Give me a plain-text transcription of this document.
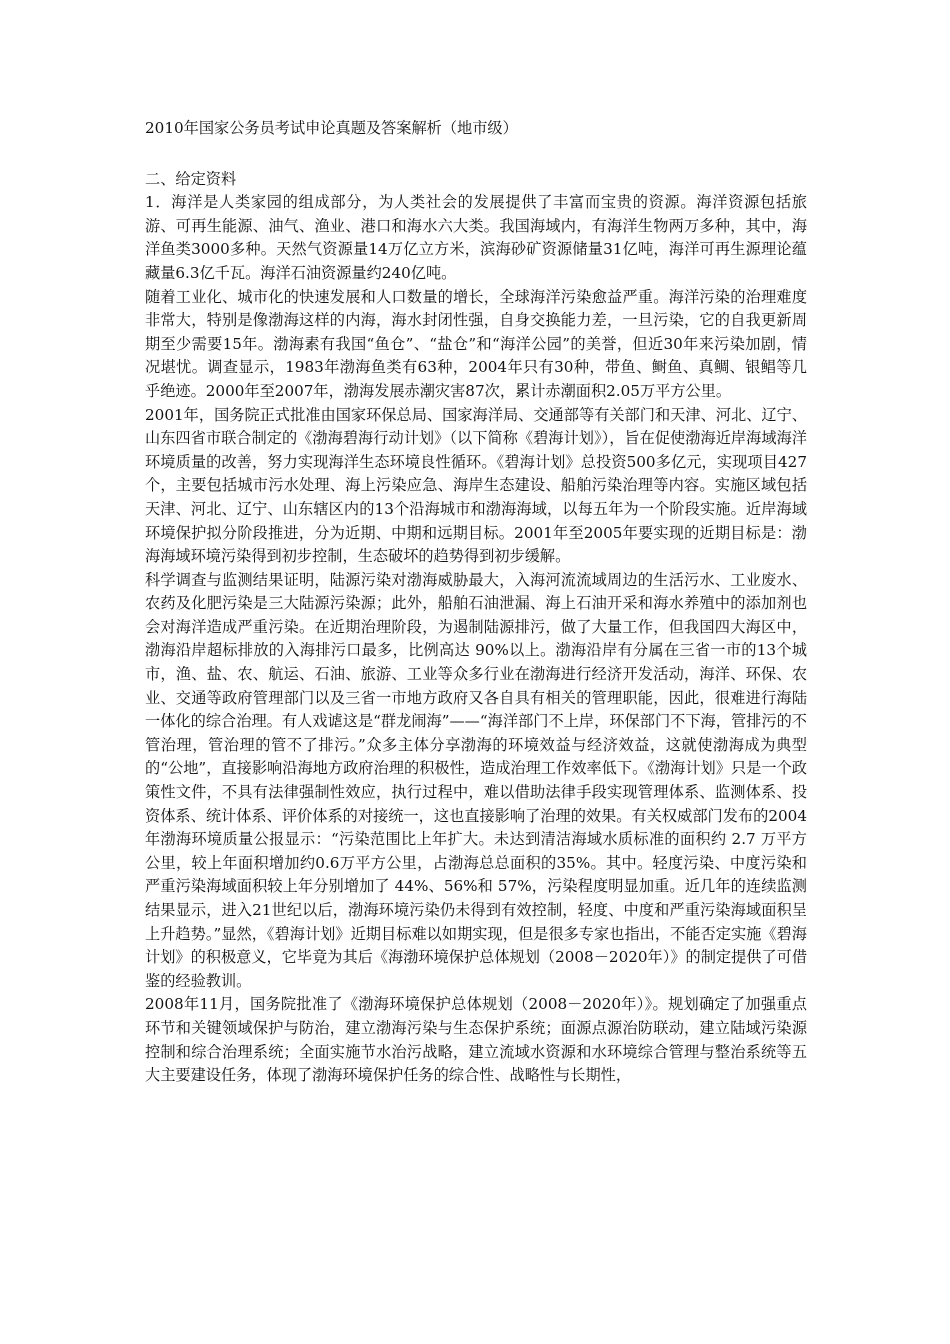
2010年国家公务员考试申论真题及答案解析（地市级）
二、给定资料

1．海洋是人类家园的组成部分，为人类社会的发展提供了丰富而宝贵的资源。海洋资源包括旅游、可再生能源、油气、渔业、港口和海水六大类。我国海域内，有海洋生物两万多种，其中，海洋鱼类3000多种。天然气资源量14万亿立方米，滨海砂矿资源储量31亿吨，海洋可再生源理论蕴藏量6.3亿千瓦。海洋石油资源量约240亿吨。

随着工业化、城市化的快速发展和人口数量的增长，全球海洋污染愈益严重。海洋污染的治理难度非常大，特别是像渤海这样的内海，海水封闭性强，自身交换能力差，一旦污染，它的自我更新周期至少需要15年。渤海素有我国“鱼仓”、“盐仓”和“海洋公园”的美誉，但近30年来污染加剧，情况堪忧。调查显示，1983年渤海鱼类有63种，2004年只有30种，带鱼、鲥鱼、真鲷、银鲳等几乎绝迹。2000年至2007年，渤海发展赤潮灾害87次，累计赤潮面积2.05万平方公里。

2001年，国务院正式批准由国家环保总局、国家海洋局、交通部等有关部门和天津、河北、辽宁、山东四省市联合制定的《渤海碧海行动计划》（以下简称《碧海计划》），旨在促使渤海近岸海域海洋环境质量的改善，努力实现海洋生态环境良性循环。《碧海计划》总投资500多亿元，实现项目427个，主要包括城市污水处理、海上污染应急、海岸生态建设、船舶污染治理等内容。实施区域包括天津、河北、辽宁、山东辖区内的13个沿海城市和渤海海域，以每五年为一个阶段实施。近岸海域环境保护拟分阶段推进，分为近期、中期和远期目标。2001年至2005年要实现的近期目标是：渤海海域环境污染得到初步控制，生态破坏的趋势得到初步缓解。

科学调查与监测结果证明，陆源污染对渤海威胁最大，入海河流流域周边的生活污水、工业废水、农药及化肥污染是三大陆源污染源；此外，船舶石油泄漏、海上石油开采和海水养殖中的添加剂也会对海洋造成严重污染。在近期治理阶段，为遏制陆源排污，做了大量工作，但我国四大海区中，渤海沿岸超标排放的入海排污口最多，比例高达 90%以上。渤海沿岸有分属在三省一市的13个城市，渔、盐、农、航运、石油、旅游、工业等众多行业在渤海进行经济开发活动，海洋、环保、农业、交通等政府管理部门以及三省一市地方政府又各自具有相关的管理职能，因此，很难进行海陆一体化的综合治理。有人戏谑这是“群龙闹海”——“海洋部门不上岸，环保部门不下海，管排污的不管治理，管治理的管不了排污。”众多主体分享渤海的环境效益与经济效益，这就使渤海成为典型的“公地”，直接影响沿海地方政府治理的积极性，造成治理工作效率低下。《渤海计划》只是一个政策性文件，不具有法律强制性效应，执行过程中，难以借助法律手段实现管理体系、监测体系、投资体系、统计体系、评价体系的对接统一，这也直接影响了治理的效果。有关权威部门发布的2004年渤海环境质量公报显示：“污染范围比上年扩大。未达到清洁海域水质标准的面积约 2.7 万平方公里，较上年面积增加约0.6万平方公里，占渤海总总面积的35%。其中。轻度污染、中度污染和严重污染海域面积较上年分别增加了 44%、56%和 57%，污染程度明显加重。近几年的连续监测结果显示，进入21世纪以后，渤海环境污染仍未得到有效控制，轻度、中度和严重污染海域面积呈上升趋势。”显然，《碧海计划》近期目标难以如期实现，但是很多专家也指出，不能否定实施《碧海计划》的积极意义，它毕竟为其后《海渤环境保护总体规划（2008－2020年）》的制定提供了可借鉴的经验教训。

2008年11月，国务院批准了《渤海环境保护总体规划（2008－2020年）》。规划确定了加强重点环节和关键领域保护与防治，建立渤海污染与生态保护系统；面源点源治防联动，建立陆域污染源控制和综合治理系统；全面实施节水治污战略，建立流域水资源和水环境综合管理与整治系统等五大主要建设任务，体现了渤海环境保护任务的综合性、战略性与长期性，
